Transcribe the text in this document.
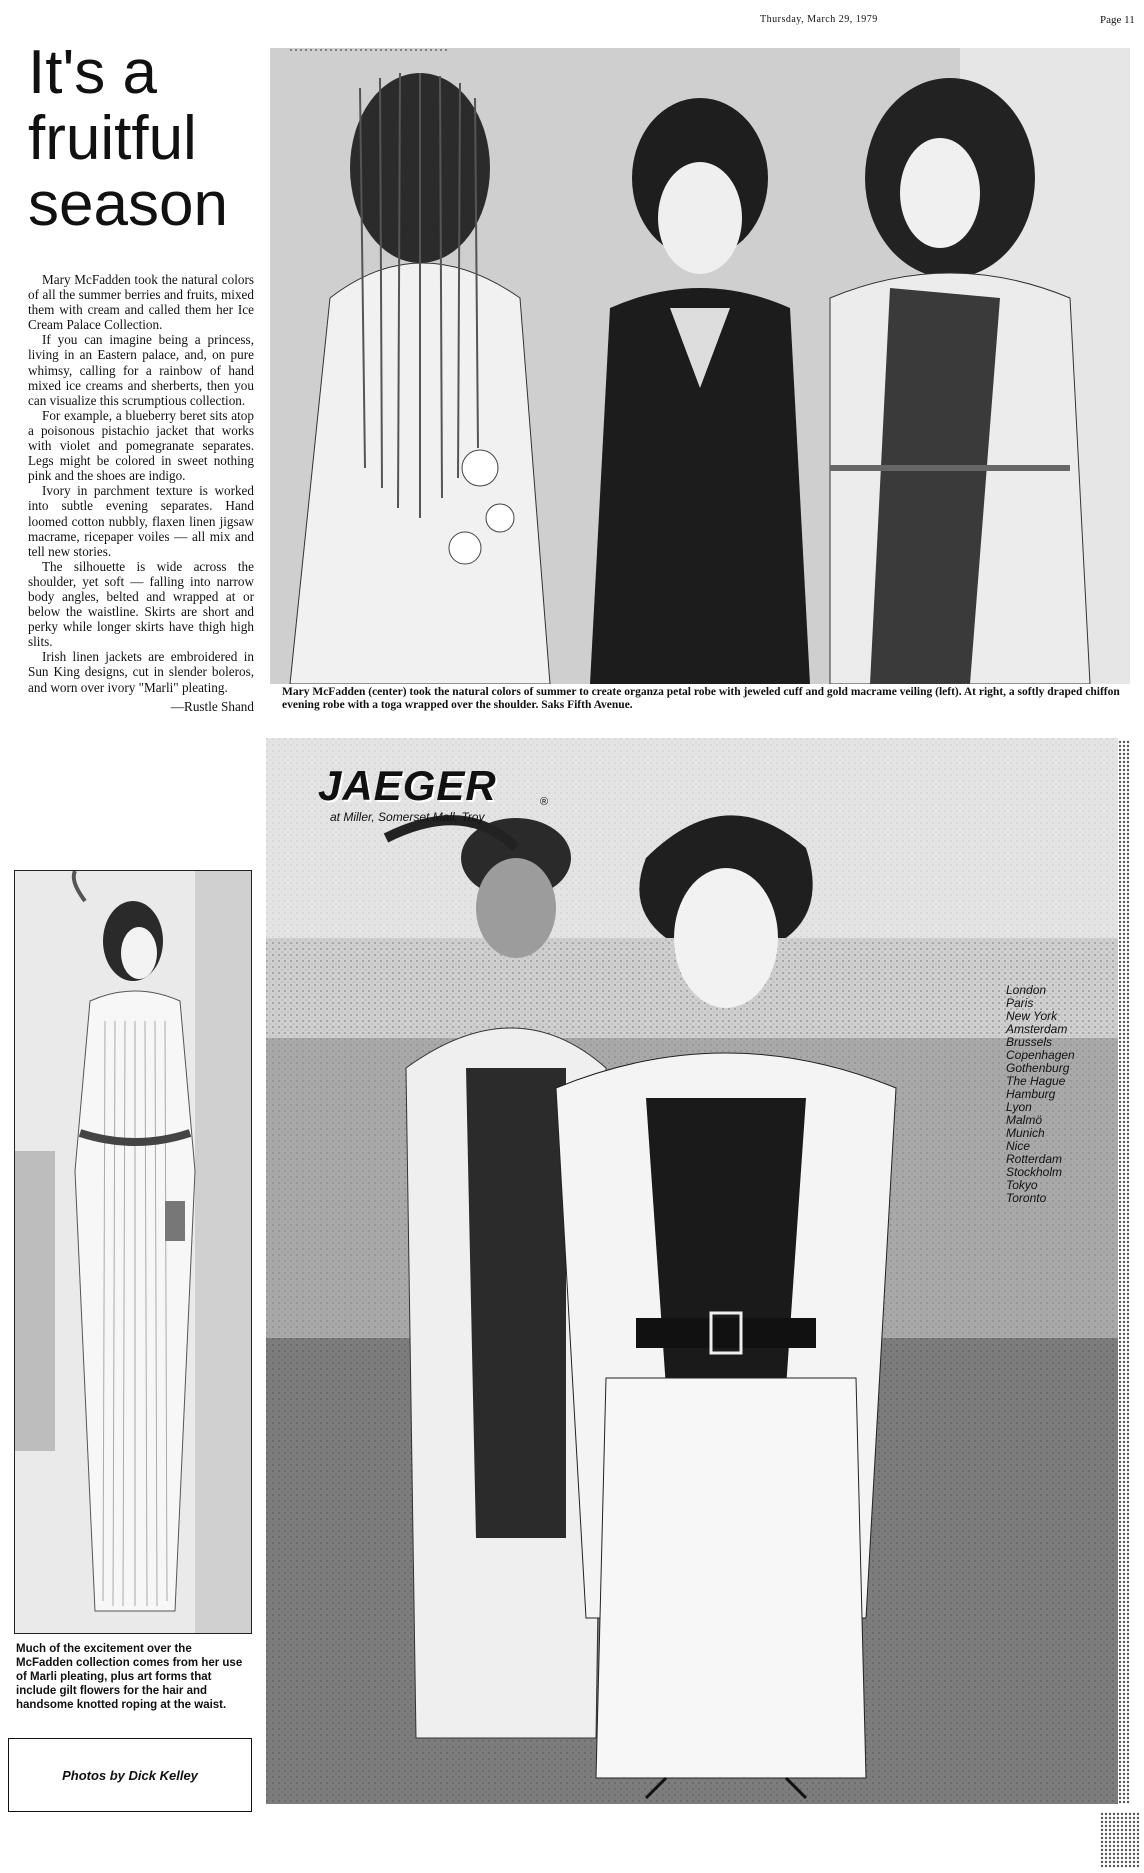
Thursday, March 29, 1979	Page 11
It's a
fruitful
season

Mary McFadden took the natural colors of all the summer berries and fruits, mixed them with cream and called them her Ice Cream Palace Collection.

If you can imagine being a princess, living in an Eastern palace, and, on pure whimsy, calling for a rainbow of hand mixed ice creams and sherberts, then you can visualize this scrumptious collection.

For example, a blueberry beret sits atop a poisonous pistachio jacket that works with violet and pomegranate separates. Legs might be colored in sweet nothing pink and the shoes are indigo.

Ivory in parchment texture is worked into subtle evening separates. Hand loomed cotton nubbly, flaxen linen jigsaw macrame, ricepaper voiles — all mix and tell new stories.

The silhouette is wide across the shoulder, yet soft — falling into narrow body angles, belted and wrapped at or below the waistline. Skirts are short and perky while longer skirts have thigh high slits.

Irish linen jackets are embroidered in Sun King designs, cut in slender boleros, and worn over ivory "Marli" pleating.

—Rustle Shand
Mary McFadden (center) took the natural colors of summer to create organza petal robe with jeweled cuff and gold macrame veiling (left). At right, a softly draped chiffon evening robe with a toga wrapped over the shoulder. Saks Fifth Avenue.
Much of the excitement over the McFadden collection comes from her use of Marli pleating, plus art forms that include gilt flowers for the hair and handsome knotted roping at the waist.
Photos by Dick Kelley
JAEGER	®
at Miller, Somerset Mall, Troy
London
Paris
New York
Amsterdam
Brussels
Copenhagen
Gothenburg
The Hague
Hamburg
Lyon
Malmö
Munich
Nice
Rotterdam
Stockholm
Tokyo
Toronto
